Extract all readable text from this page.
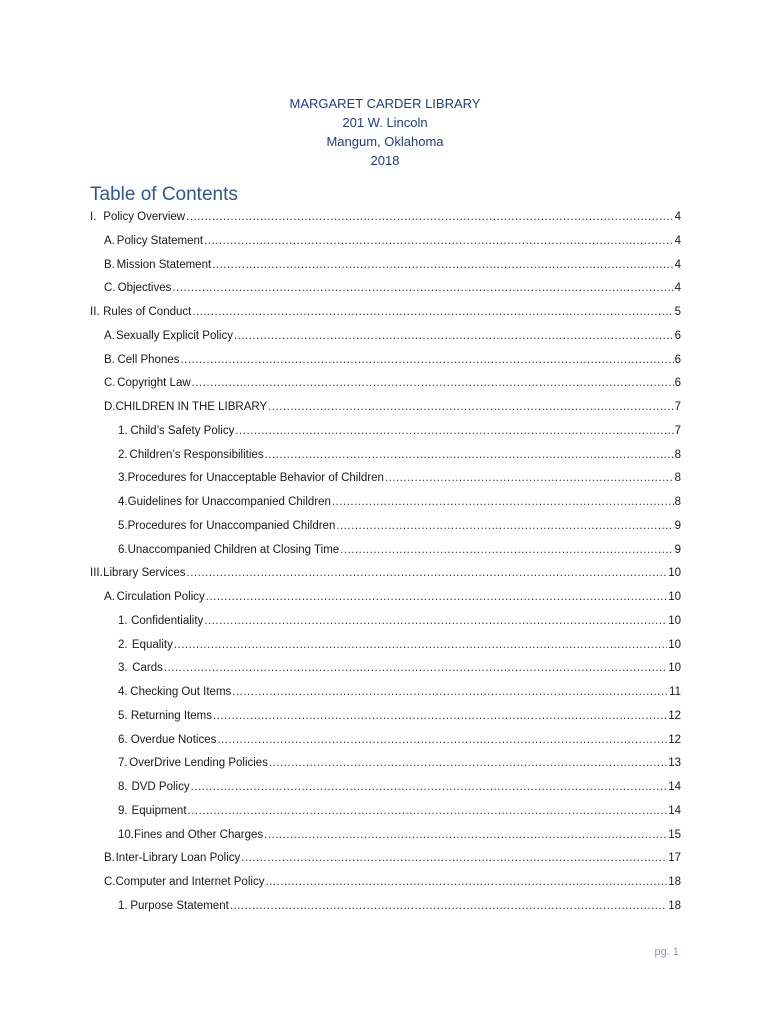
MARGARET CARDER LIBRARY
201 W. Lincoln
Mangum, Oklahoma
2018
Table of Contents
I. Policy Overview .....	4
A. Policy Statement .....	4
B. Mission Statement .....	4
C. Objectives .....	4
II. Rules of Conduct .....	5
A. Sexually Explicit Policy .....	6
B. Cell Phones .....	6
C. Copyright Law .....	6
D. CHILDREN IN THE LIBRARY .....	7
1. Child’s Safety Policy .....	7
2. Children’s Responsibilities .....	8
3. Procedures for Unacceptable Behavior of Children .....	8
4. Guidelines for Unaccompanied Children .....	8
5. Procedures for Unaccompanied Children .....	9
6. Unaccompanied Children at Closing Time .....	9
III. Library Services .....	10
A. Circulation Policy .....	10
1. Confidentiality .....	10
2. Equality .....	10
3. Cards .....	10
4. Checking Out Items .....	11
5. Returning Items .....	12
6. Overdue Notices .....	12
7. OverDrive Lending Policies .....	13
8. DVD Policy .....	14
9. Equipment .....	14
10. Fines and Other Charges .....	15
B. Inter-Library Loan Policy .....	17
C. Computer and Internet Policy .....	18
1. Purpose Statement .....	18
pg. 1
